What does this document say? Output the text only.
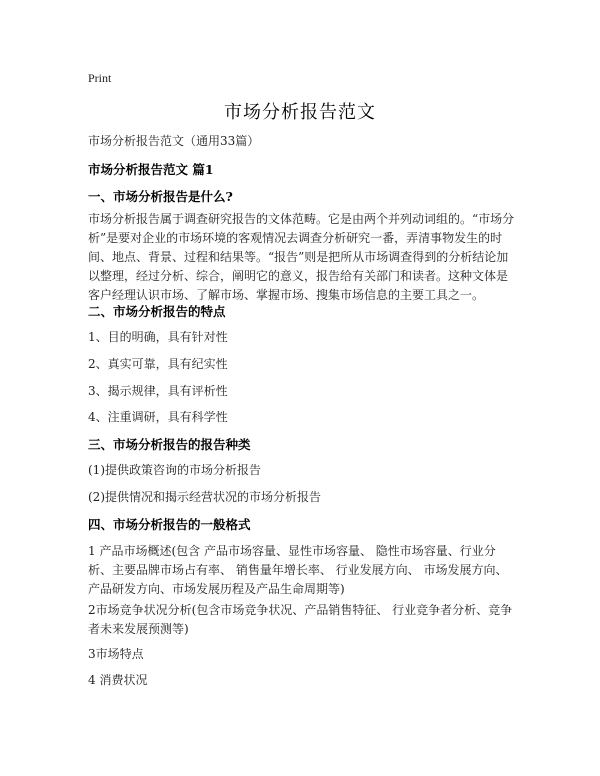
Print
市场分析报告范文
市场分析报告范文（通用33篇）
市场分析报告范文 篇1
一、市场分析报告是什么?
市场分析报告属于调查研究报告的文体范畴。它是由两个并列动词组的。“市场分析”是要对企业的市场环境的客观情况去调查分析研究一番，弄清事物发生的时间、地点、背景、过程和结果等。“报告”则是把所从市场调查得到的分析结论加以整理，经过分析、综合，阐明它的意义，报告给有关部门和读者。这种文体是客户经理认识市场、了解市场、掌握市场、搜集市场信息的主要工具之一。
二、市场分析报告的特点
1、目的明确，具有针对性
2、真实可靠，具有纪实性
3、揭示规律，具有评析性
4、注重调研，具有科学性
三、市场分析报告的报告种类
(1)提供政策咨询的市场分析报告
(2)提供情况和揭示经营状况的市场分析报告
四、市场分析报告的一般格式
1 产品市场概述(包含 产品市场容量、显性市场容量、 隐性市场容量、行业分析、主要品牌市场占有率、 销售量年增长率、 行业发展方向、 市场发展方向、 产品研发方向、市场发展历程及产品生命周期等)
2市场竞争状况分析(包含市场竞争状况、产品销售特征、 行业竞争者分析、竞争者未来发展预测等)
3市场特点
4 消费状况
